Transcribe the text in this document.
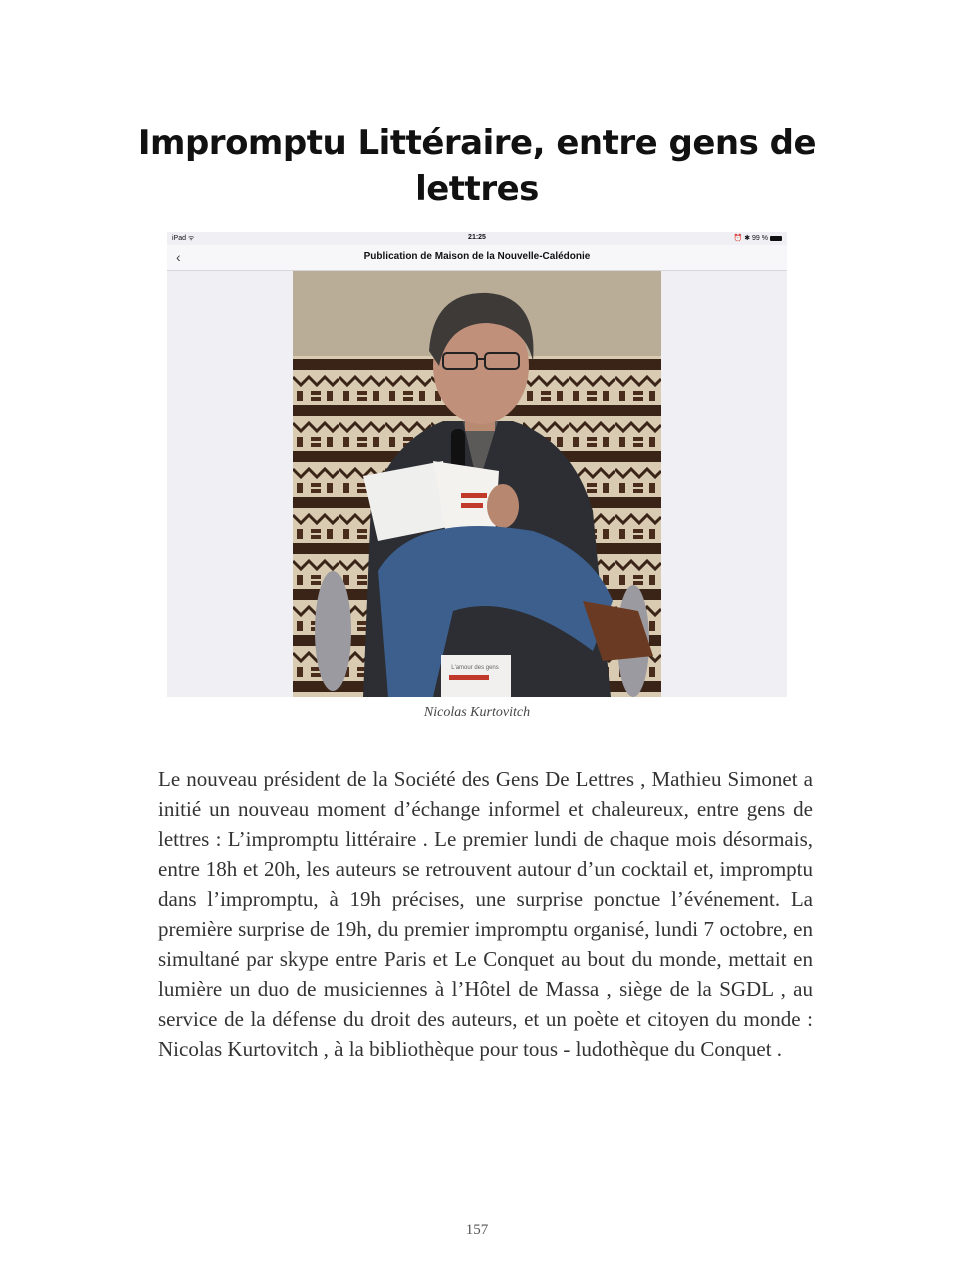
Impromptu Littéraire, entre gens de lettres
iPad ᯤ	21:25	⏰ ✱ 99 %
‹	Publication de Maison de la Nouvelle-Calédonie
L'amour des gens
Nicolas Kurtovitch
Le nouveau président de la Société des Gens De Lettres , Mathieu Simonet a initié un nouveau moment d’échange informel et chaleureux, entre gens de lettres : L’impromptu littéraire . Le premier lundi de chaque mois désormais, entre 18h et 20h, les auteurs se retrouvent autour d’un cocktail et, impromptu dans l’impromptu, à 19h précises, une surprise ponctue l’événement. La première surprise de 19h, du premier impromptu organisé, lundi 7 octobre, en simultané par skype entre Paris et Le Conquet au bout du monde, mettait en lumière un duo de musiciennes à l’Hôtel de Massa , siège de la SGDL , au service de la défense du droit des auteurs, et un poète et citoyen du monde : Nicolas Kurtovitch , à la bibliothèque pour tous - ludothèque du Conquet .
157
